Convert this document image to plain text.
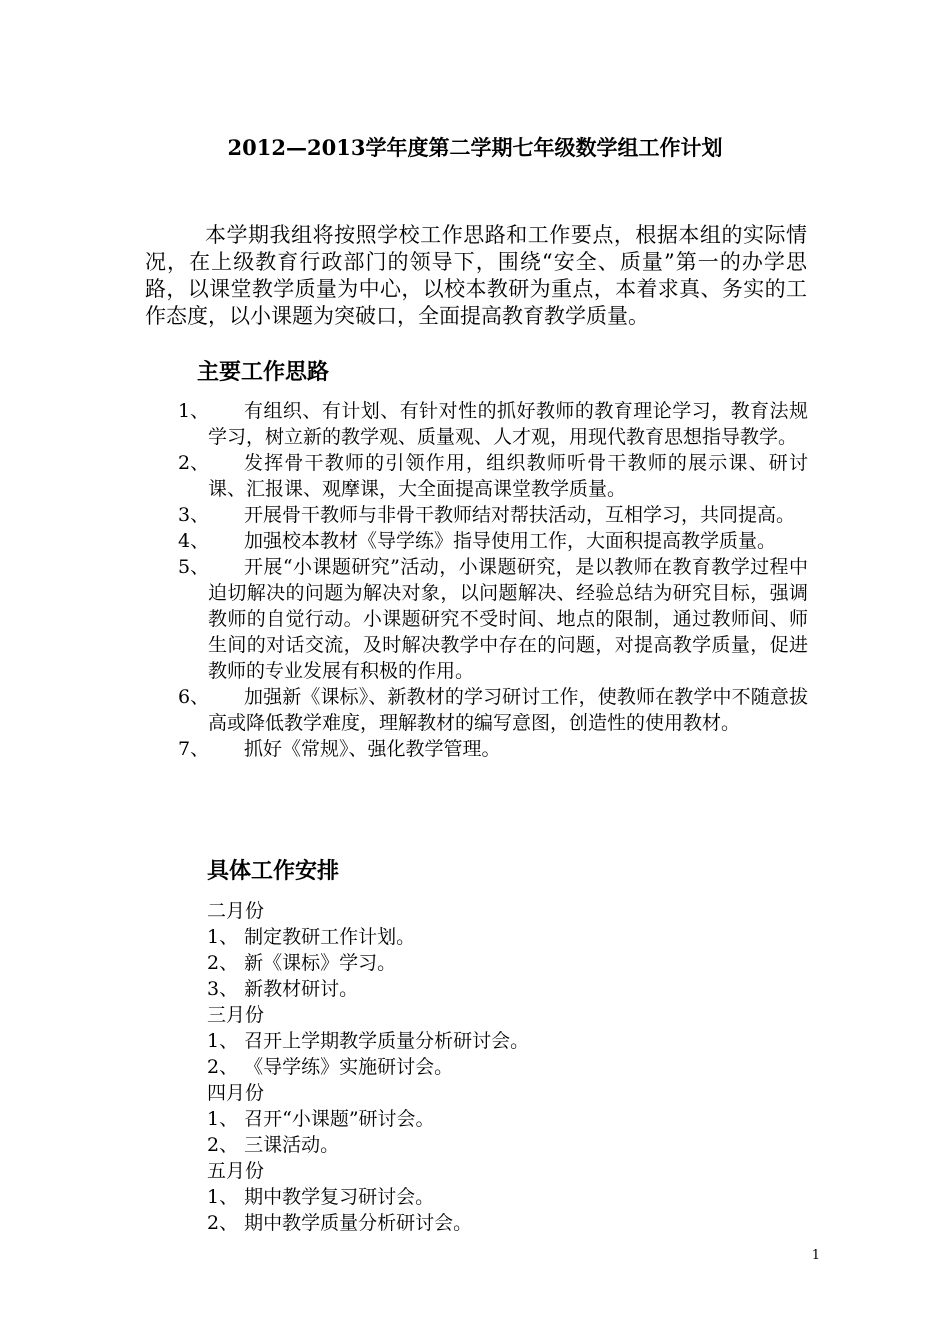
2012—2013学年度第二学期七年级数学组工作计划
本学期我组将按照学校工作思路和工作要点，根据本组的实际情况，在上级教育行政部门的领导下，围绕“安全、质量”第一的办学思路，以课堂教学质量为中心，以校本教研为重点，本着求真、务实的工作态度，以小课题为突破口，全面提高教育教学质量。
主要工作思路
1、	有组织、有计划、有针对性的抓好教师的教育理论学习，教育法规学习，树立新的教学观、质量观、人才观，用现代教育思想指导教学。
2、	发挥骨干教师的引领作用，组织教师听骨干教师的展示课、研讨课、汇报课、观摩课，大全面提高课堂教学质量。
3、	开展骨干教师与非骨干教师结对帮扶活动，互相学习，共同提高。
4、	加强校本教材《导学练》指导使用工作，大面积提高教学质量。
5、	开展“小课题研究”活动，小课题研究，是以教师在教育教学过程中迫切解决的问题为解决对象，以问题解决、经验总结为研究目标，强调教师的自觉行动。小课题研究不受时间、地点的限制，通过教师间、师生间的对话交流，及时解决教学中存在的问题，对提高教学质量，促进教师的专业发展有积极的作用。
6、	加强新《课标》、新教材的学习研讨工作，使教师在教学中不随意拔高或降低教学难度，理解教材的编写意图，创造性的使用教材。
7、	抓好《常规》、强化教学管理。
具体工作安排
二月份
1、 制定教研工作计划。
2、 新《课标》学习。
3、 新教材研讨。
三月份
1、 召开上学期教学质量分析研讨会。
2、 《导学练》实施研讨会。
四月份
1、 召开“小课题”研讨会。
2、 三课活动。
五月份
1、 期中教学复习研讨会。
2、 期中教学质量分析研讨会。
1
